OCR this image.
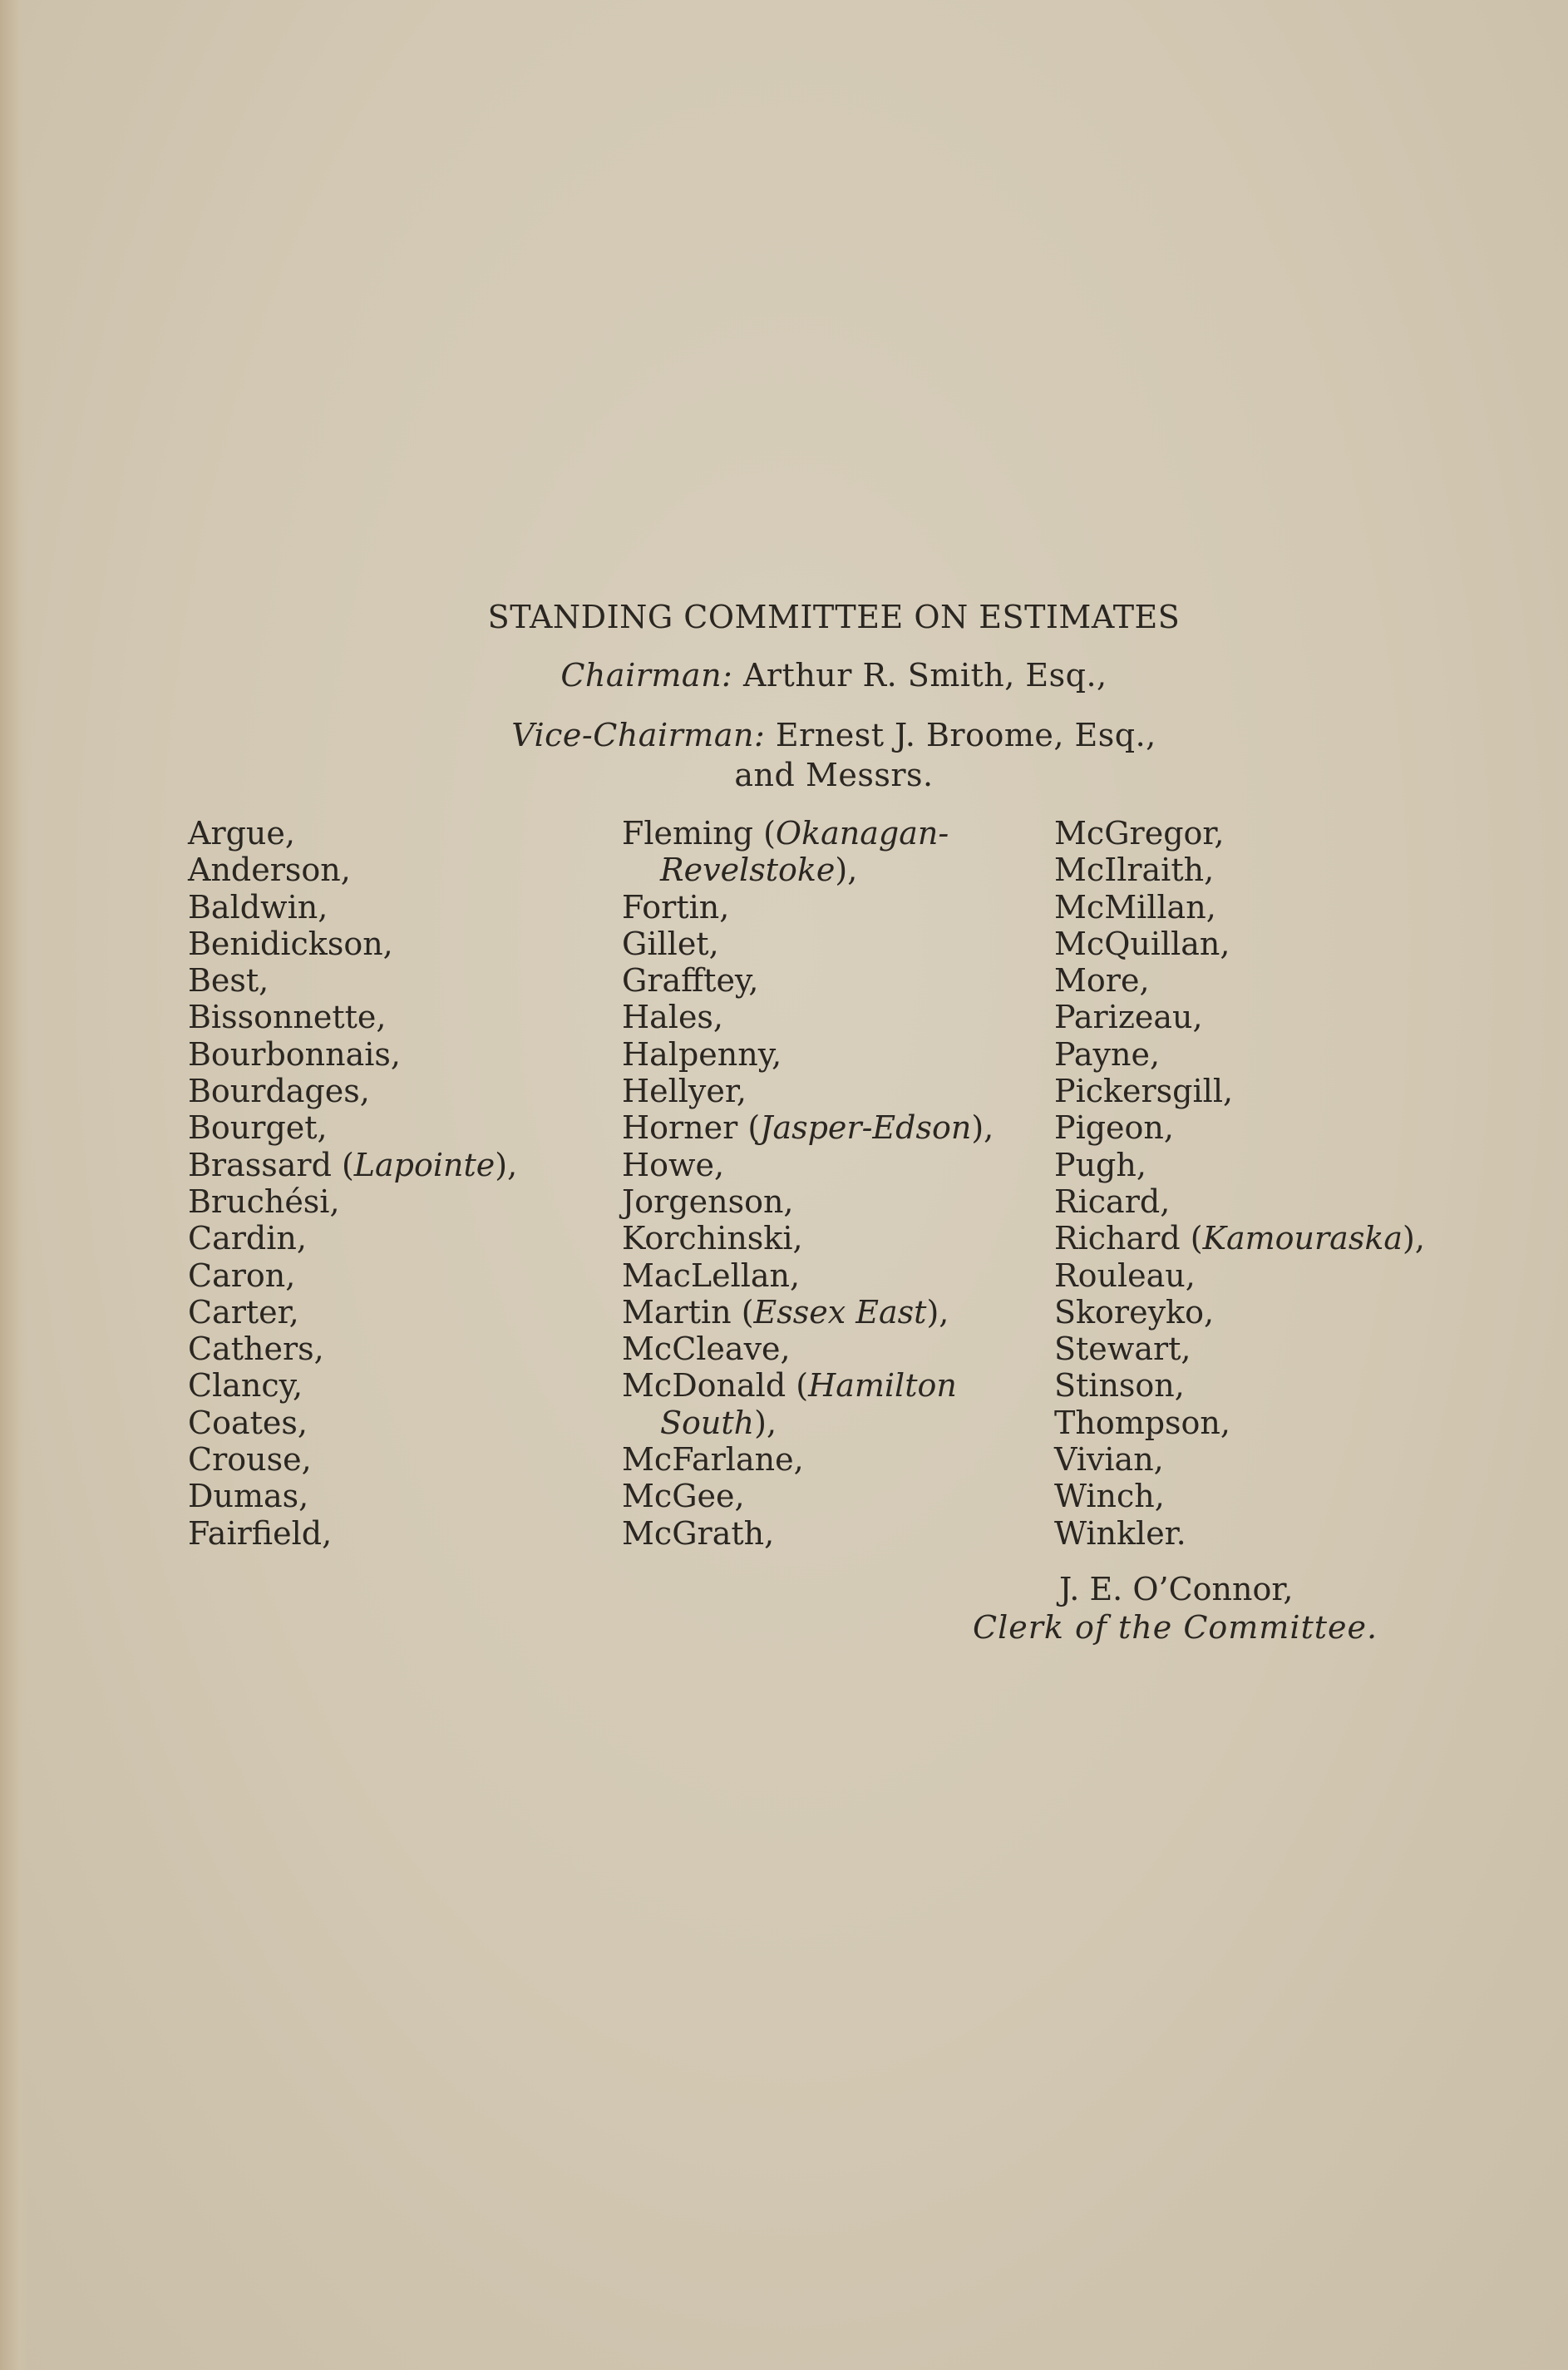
STANDING COMMITTEE ON ESTIMATES
Chairman: Arthur R. Smith, Esq.,
Vice-Chairman: Ernest J. Broome, Esq.,
and Messrs.
Argue,
Anderson,
Baldwin,
Benidickson,
Best,
Bissonnette,
Bourbonnais,
Bourdages,
Bourget,
Brassard (Lapointe),
Bruchési,
Cardin,
Caron,
Carter,
Cathers,
Clancy,
Coates,
Crouse,
Dumas,
Fairfield,
Fleming (Okanagan-
Revelstoke),
Fortin,
Gillet,
Grafftey,
Hales,
Halpenny,
Hellyer,
Horner (Jasper-Edson),
Howe,
Jorgenson,
Korchinski,
MacLellan,
Martin (Essex East),
McCleave,
McDonald (Hamilton
South),
McFarlane,
McGee,
McGrath,
McGregor,
McIlraith,
McMillan,
McQuillan,
More,
Parizeau,
Payne,
Pickersgill,
Pigeon,
Pugh,
Ricard,
Richard (Kamouraska),
Rouleau,
Skoreyko,
Stewart,
Stinson,
Thompson,
Vivian,
Winch,
Winkler.
J. E. O’Connor,
Clerk of the Committee.
